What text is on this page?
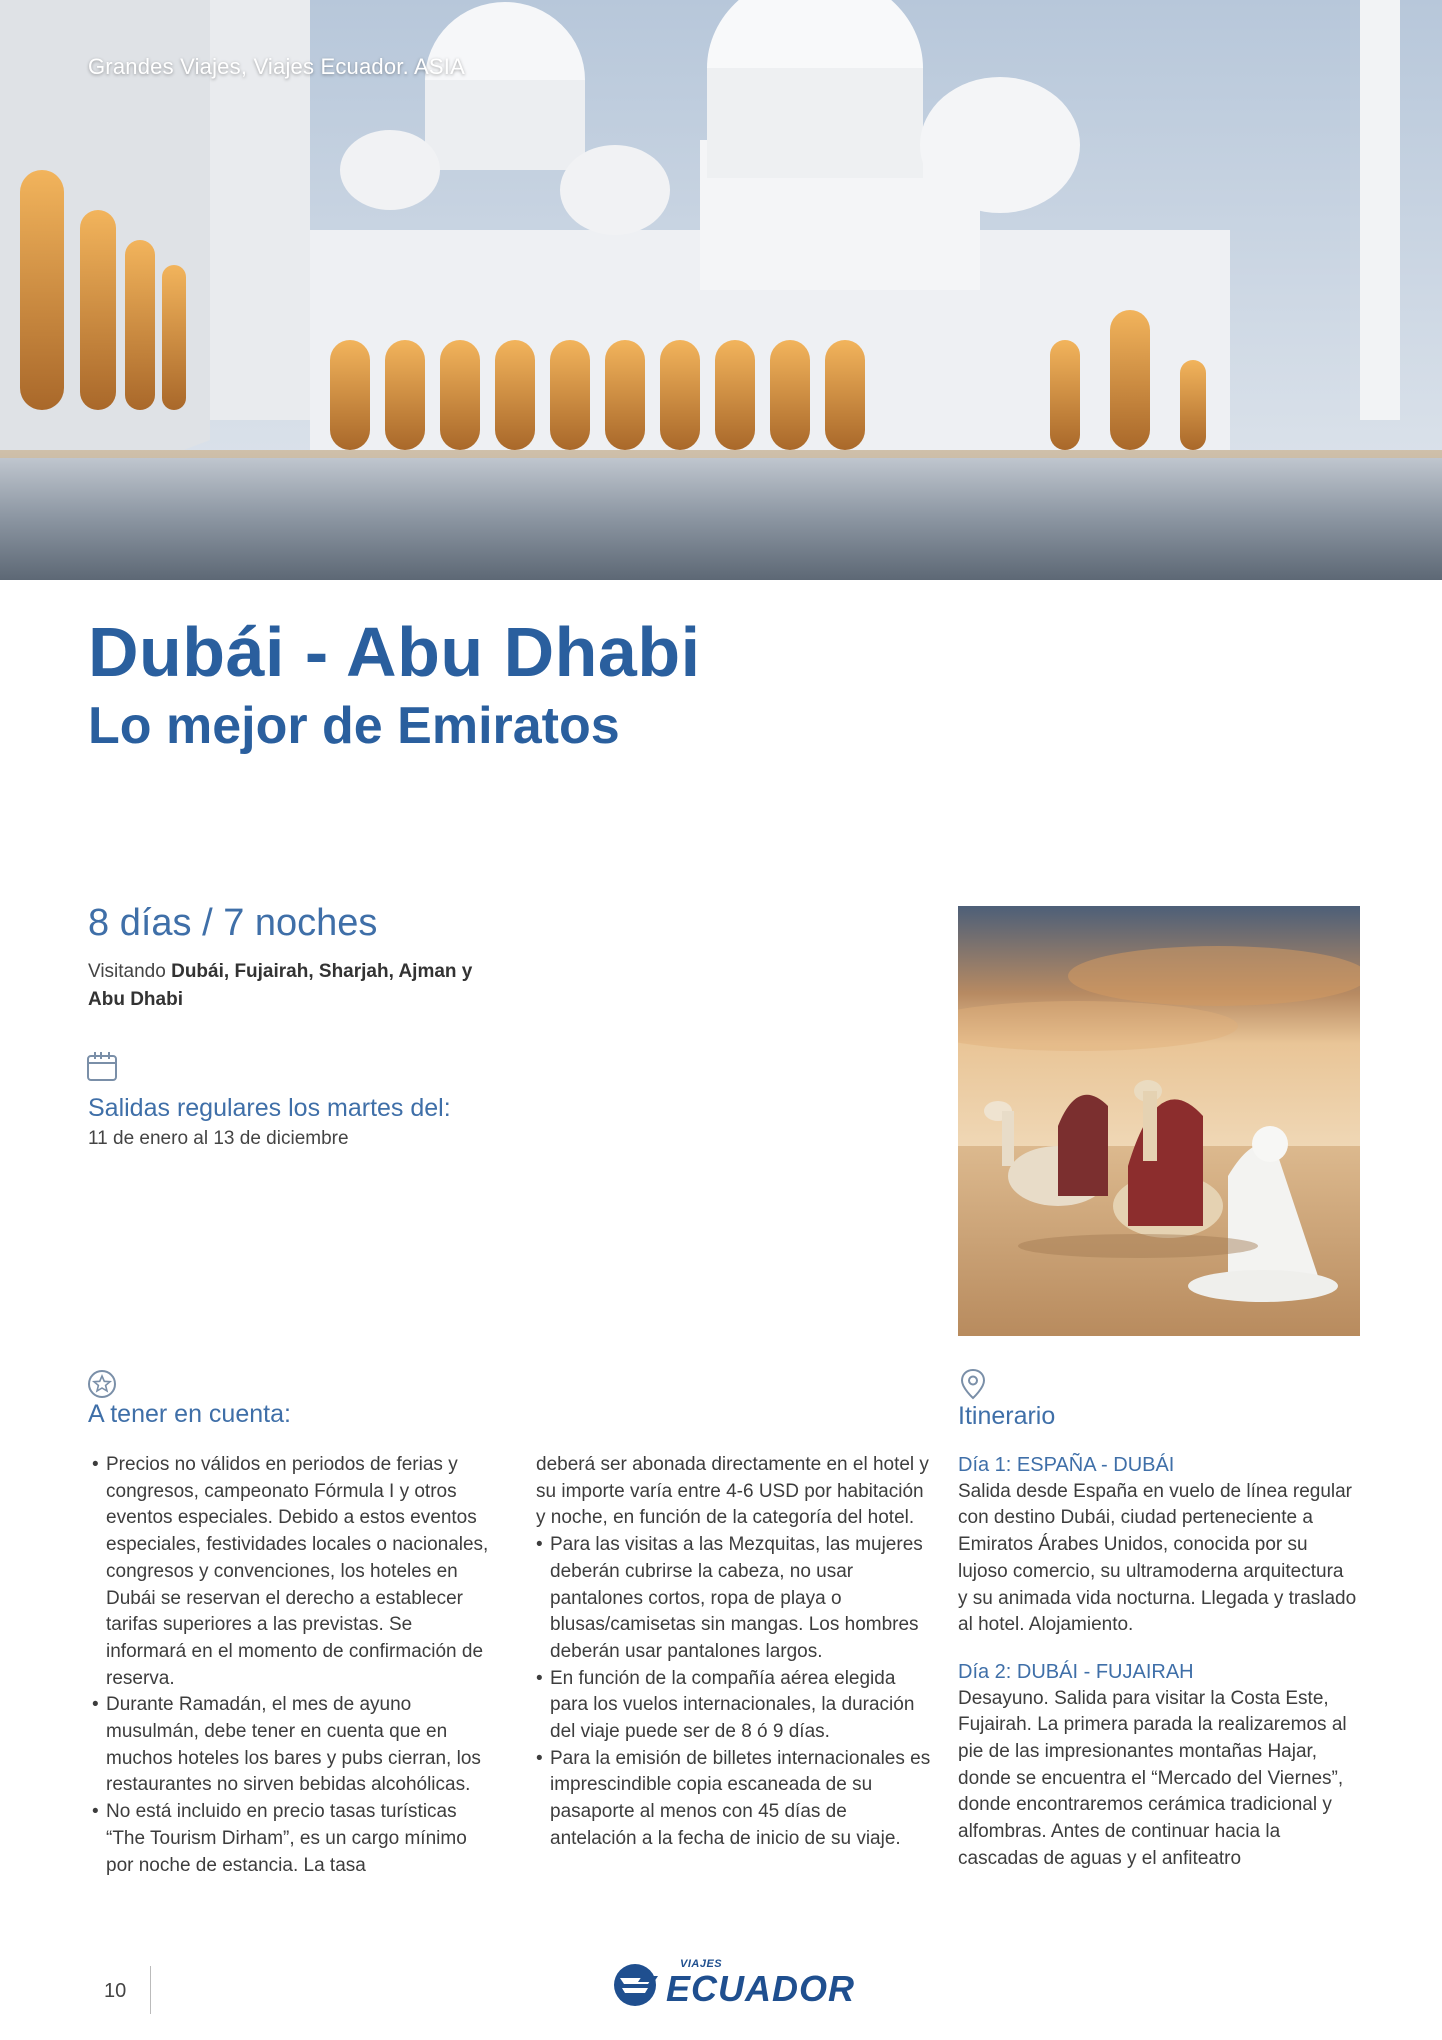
Grandes Viajes, Viajes Ecuador. ASIA
Dubái - Abu Dhabi
Lo mejor de Emiratos
8 días / 7 noches
Visitando Dubái, Fujairah, Sharjah, Ajman y Abu Dhabi
Salidas regulares los martes del:
11 de enero al 13 de diciembre
A tener en cuenta:
• Precios no válidos en periodos de ferias y congresos, campeonato Fórmula I y otros eventos especiales. Debido a estos eventos especiales, festividades locales o nacionales, congresos y convenciones, los hoteles en Dubái se reservan el derecho a establecer tarifas superiores a las previstas. Se informará en el momento de confirmación de reserva.
• Durante Ramadán, el mes de ayuno musulmán, debe tener en cuenta que en muchos hoteles los bares y pubs cierran, los restaurantes no sirven bebidas alcohólicas.
• No está incluido en precio tasas turísticas “The Tourism Dirham”, es un cargo mínimo por noche de estancia. La tasa
deberá ser abonada directamente en el hotel y su importe varía entre 4-6 USD por habitación y noche, en función de la categoría del hotel.
• Para las visitas a las Mezquitas, las mujeres deberán cubrirse la cabeza, no usar pantalones cortos, ropa de playa o blusas/camisetas sin mangas. Los hombres deberán usar pantalones largos.
• En función de la compañía aérea elegida para los vuelos internacionales, la duración del viaje puede ser de 8 ó 9 días.
• Para la emisión de billetes internacionales es imprescindible copia escaneada de su pasaporte al menos con 45 días de antelación a la fecha de inicio de su viaje.
Itinerario
Día 1: ESPAÑA - DUBÁI
Salida desde España en vuelo de línea regular con destino Dubái, ciudad perteneciente a Emiratos Árabes Unidos, conocida por su lujoso comercio, su ultramoderna arquitectura y su animada vida nocturna. Llegada y traslado al hotel. Alojamiento.
Día 2: DUBÁI - FUJAIRAH
Desayuno. Salida para visitar la Costa Este, Fujairah. La primera parada la realizaremos al pie de las impresionantes montañas Hajar, donde se encuentra el “Mercado del Viernes”, donde encontraremos cerámica tradicional y alfombras. Antes de continuar hacia la cascadas de aguas y el anfiteatro
10
VIAJES
ECUADOR
